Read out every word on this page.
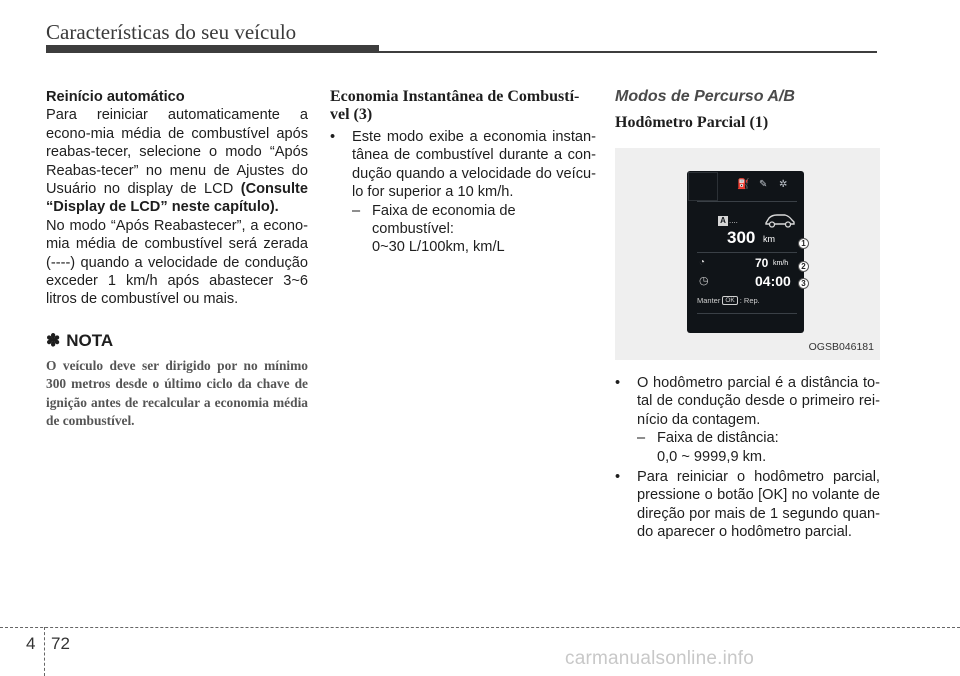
Características do seu veículo
Reinício automático
Para reiniciar automaticamente a econo-mia média de combustível após reabas-tecer, selecione o modo “Após Reabas-tecer” no menu de Ajustes do Usuário no display de LCD (Consulte “Display de LCD” neste capítulo).
No modo “Após Reabastecer”, a econo-mia média de combustível será zerada (----) quando a velocidade de condução exceder 1 km/h após abastecer 3~6 litros de combustível ou mais.
✽ NOTA
O veículo deve ser dirigido por no mínimo 300 metros desde o último ciclo da chave de ignição antes de recalcular a economia média de combustível.
Economia Instantânea de Combustí-vel (3)
•	Este modo exibe a economia instan-tânea de combustível durante a con-dução quando a velocidade do veícu-lo for superior a 10 km/h.
– Faixa de economia de combustível:
0~30 L/100km, km/L
Modos de Percurso A/B
Hodômetro Parcial (1)
⛽ ✎ ✲
A ....
300 km
◔	70 km/h
◷	04:00
Manter OK : Rep.
1
2
3
OGSB046181
•	O hodômetro parcial é a distância to-tal de condução desde o primeiro rei-nício da contagem.
– Faixa de distância:
0,0 ~ 9999,9 km.
•	Para reiniciar o hodômetro parcial, pressione o botão [OK] no volante de direção por mais de 1 segundo quan-do aparecer o hodômetro parcial.
4 72
carmanualsonline.info
